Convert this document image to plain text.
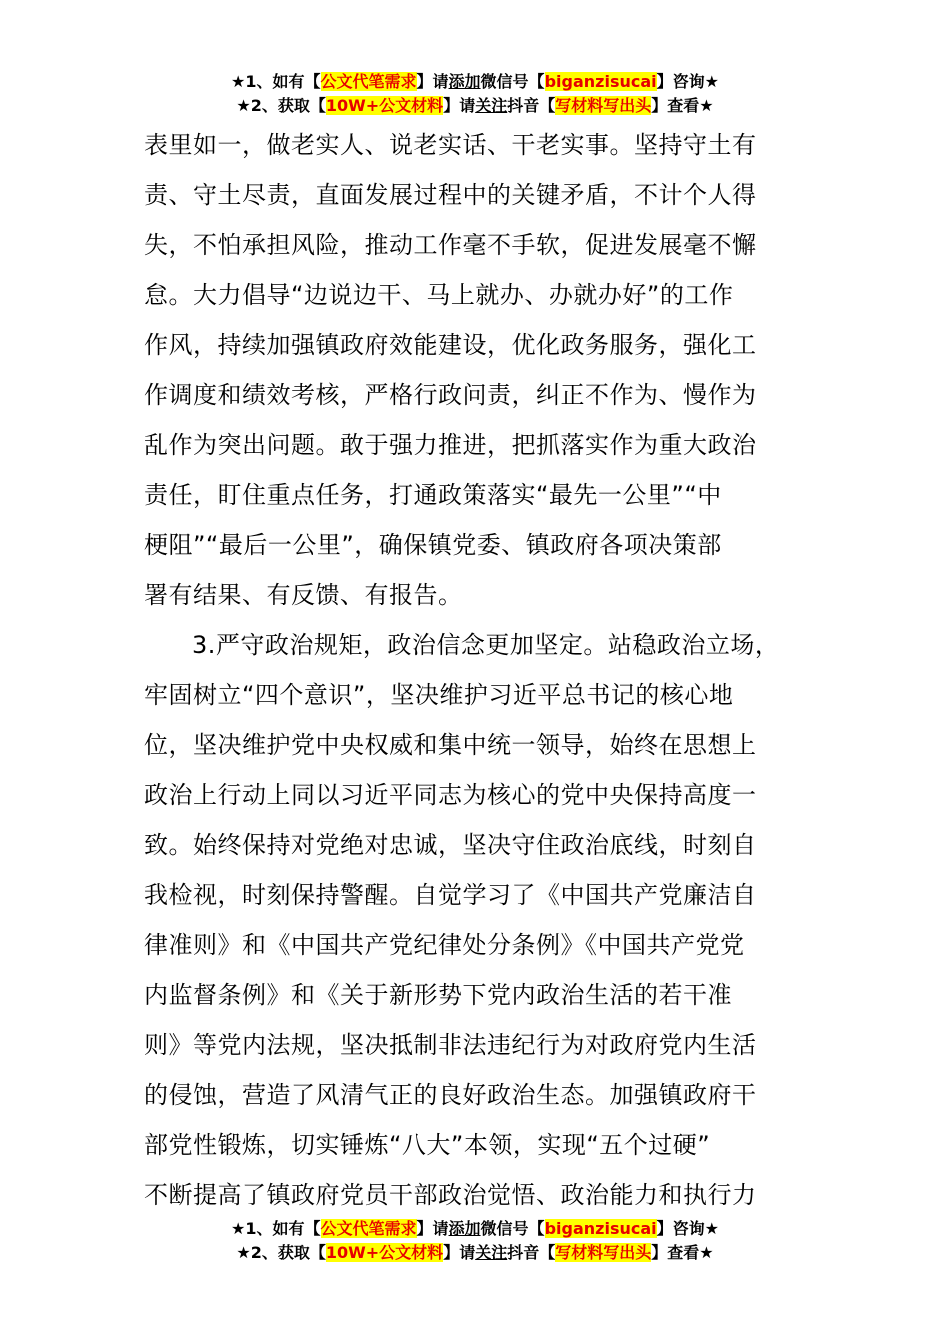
★1、如有【公文代笔需求】请添加微信号【biganzisucai】咨询★
★2、获取【10W+公文材料】请关注抖音【写材料写出头】查看★
表里如一，做老实人、说老实话、干老实事。坚持守土有
责、守土尽责，直面发展过程中的关键矛盾，不计个人得
失，不怕承担风险，推动工作毫不手软，促进发展毫不懈
怠。大力倡导“边说边干、马上就办、办就办好”的工作
作风，持续加强镇政府效能建设，优化政务服务，强化工
作调度和绩效考核，严格行政问责，纠正不作为、慢作为
乱作为突出问题。敢于强力推进，把抓落实作为重大政治
责任，盯住重点任务，打通政策落实“最先一公里”“中
梗阻”“最后一公里”，确保镇党委、镇政府各项决策部
署有结果、有反馈、有报告。
3.严守政治规矩，政治信念更加坚定。站稳政治立场，
牢固树立“四个意识”，坚决维护习近平总书记的核心地
位，坚决维护党中央权威和集中统一领导，始终在思想上
政治上行动上同以习近平同志为核心的党中央保持高度一
致。始终保持对党绝对忠诚，坚决守住政治底线，时刻自
我检视，时刻保持警醒。自觉学习了《中国共产党廉洁自
律准则》和《中国共产党纪律处分条例》《中国共产党党
内监督条例》和《关于新形势下党内政治生活的若干准
则》等党内法规，坚决抵制非法违纪行为对政府党内生活
的侵蚀，营造了风清气正的良好政治生态。加强镇政府干
部党性锻炼，切实锤炼“八大”本领，实现“五个过硬”
不断提高了镇政府党员干部政治觉悟、政治能力和执行力
★1、如有【公文代笔需求】请添加微信号【biganzisucai】咨询★
★2、获取【10W+公文材料】请关注抖音【写材料写出头】查看★
